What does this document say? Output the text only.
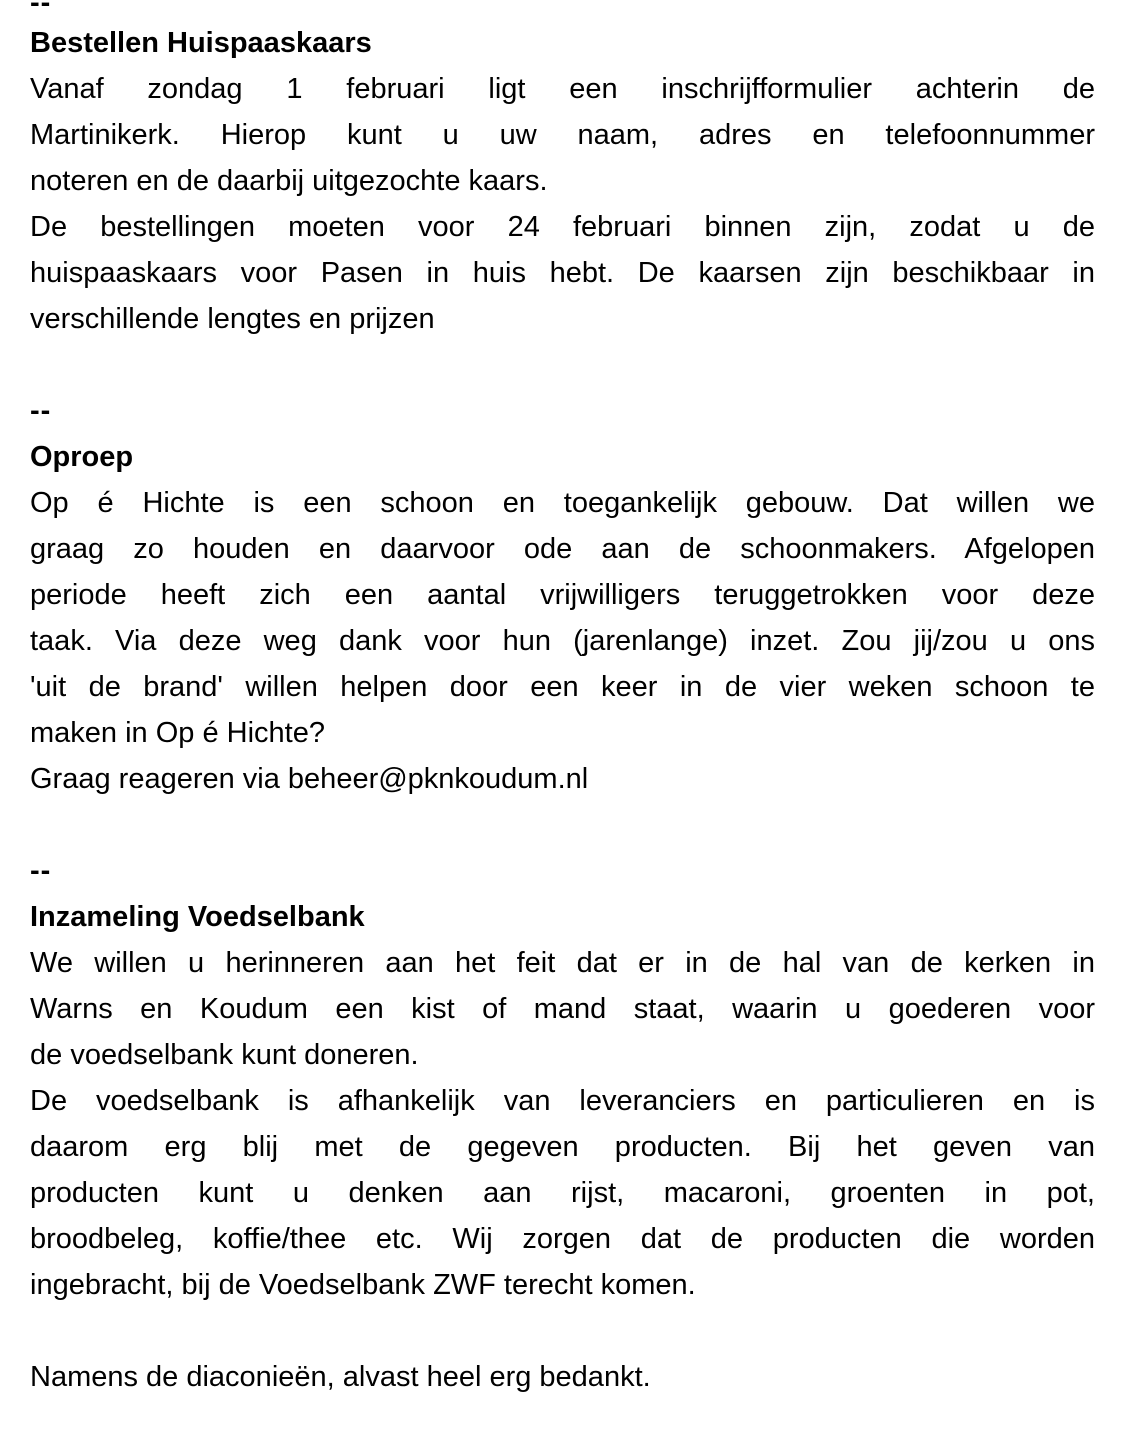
--
Bestellen Huispaaskaars
Vanaf zondag 1 februari ligt een inschrijfformulier achterin de
Martinikerk. Hierop kunt u uw naam, adres en telefoonnummer
noteren en de daarbij uitgezochte kaars.
De bestellingen moeten voor 24 februari binnen zijn, zodat u de
huispaaskaars voor Pasen in huis hebt. De kaarsen zijn beschikbaar in
verschillende lengtes en prijzen
--
Oproep
Op é Hichte is een schoon en toegankelijk gebouw. Dat willen we
graag zo houden en daarvoor ode aan de schoonmakers. Afgelopen
periode heeft zich een aantal vrijwilligers teruggetrokken voor deze
taak. Via deze weg dank voor hun (jarenlange) inzet. Zou jij/zou u ons
'uit de brand' willen helpen door een keer in de vier weken schoon te
maken in Op é Hichte?
Graag reageren via beheer@pknkoudum.nl
--
Inzameling Voedselbank
We willen u herinneren aan het feit dat er in de hal van de kerken in
Warns en Koudum een kist of mand staat, waarin u goederen voor
de voedselbank kunt doneren.
De voedselbank is afhankelijk van leveranciers en particulieren en is
daarom erg blij met de gegeven producten. Bij het geven van
producten kunt u denken aan rijst, macaroni, groenten in pot,
broodbeleg, koffie/thee etc. Wij zorgen dat de producten die worden
ingebracht, bij de Voedselbank ZWF terecht komen.
Namens de diaconieën, alvast heel erg bedankt.
